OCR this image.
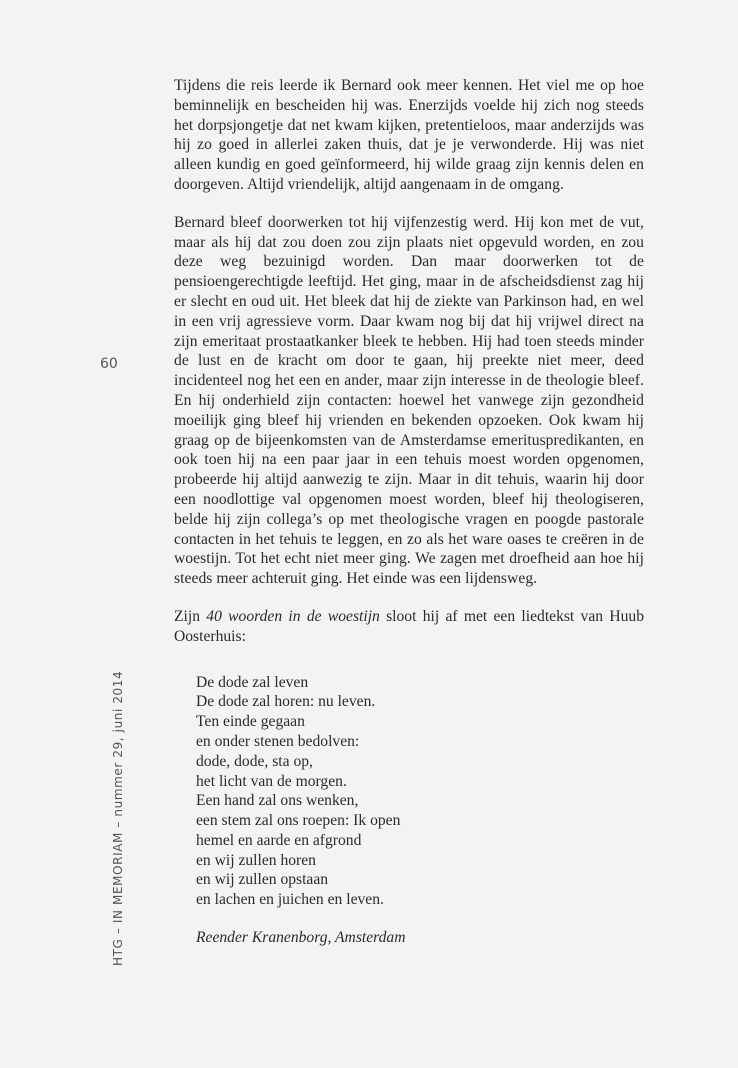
60
HTG – IN MEMORIAM – nummer 29, juni 2014

Tijdens die reis leerde ik Bernard ook meer kennen. Het viel me op hoe beminnelijk en bescheiden hij was. Enerzijds voelde hij zich nog steeds het dorpsjongetje dat net kwam kijken, pretentieloos, maar anderzijds was hij zo goed in allerlei zaken thuis, dat je je verwonderde. Hij was niet alleen kundig en goed geïnformeerd, hij wilde graag zijn kennis delen en doorgeven. Altijd vriendelijk, altijd aangenaam in de omgang.

Bernard bleef doorwerken tot hij vijfenzestig werd. Hij kon met de vut, maar als hij dat zou doen zou zijn plaats niet opgevuld worden, en zou deze weg bezuinigd worden. Dan maar doorwerken tot de pensioengerechtigde leeftijd. Het ging, maar in de afscheidsdienst zag hij er slecht en oud uit. Het bleek dat hij de ziekte van Parkinson had, en wel in een vrij agressieve vorm. Daar kwam nog bij dat hij vrijwel direct na zijn emeritaat prostaatkanker bleek te hebben. Hij had toen steeds minder de lust en de kracht om door te gaan, hij preekte niet meer, deed incidenteel nog het een en ander, maar zijn interesse in de theologie bleef. En hij onderhield zijn contacten: hoewel het vanwege zijn gezondheid moeilijk ging bleef hij vrienden en bekenden opzoeken. Ook kwam hij graag op de bijeenkomsten van de Amsterdamse emerituspredikanten, en ook toen hij na een paar jaar in een tehuis moest worden opgenomen, probeerde hij altijd aanwezig te zijn. Maar in dit tehuis, waarin hij door een noodlottige val opgenomen moest worden, bleef hij theologiseren, belde hij zijn collega’s op met theologische vragen en poogde pastorale contacten in het tehuis te leggen, en zo als het ware oases te creëren in de woestijn. Tot het echt niet meer ging. We zagen met droefheid aan hoe hij steeds meer achteruit ging. Het einde was een lijdensweg.

Zijn 40 woorden in de woestijn sloot hij af met een liedtekst van Huub Oosterhuis:

De dode zal leven
De dode zal horen: nu leven.
Ten einde gegaan
en onder stenen bedolven:
dode, dode, sta op,
het licht van de morgen.
Een hand zal ons wenken,
een stem zal ons roepen: Ik open
hemel en aarde en afgrond
en wij zullen horen
en wij zullen opstaan
en lachen en juichen en leven.
Reender Kranenborg, Amsterdam
